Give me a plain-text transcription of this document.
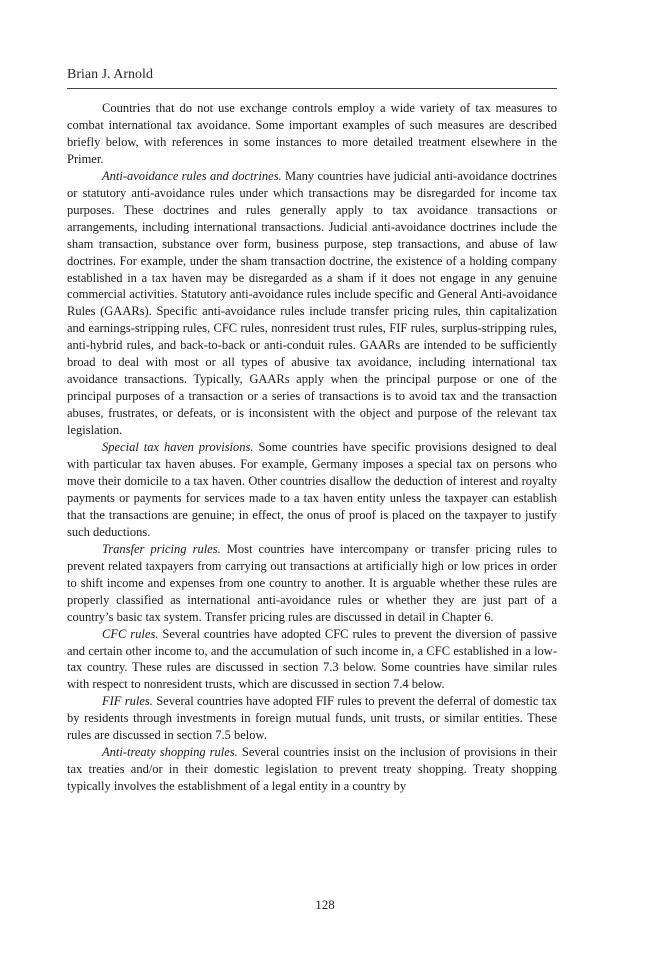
Brian J. Arnold

Countries that do not use exchange controls employ a wide variety of tax measures to combat international tax avoidance. Some important examples of such measures are described briefly below, with references in some instances to more detailed treatment elsewhere in the Primer.

Anti-avoidance rules and doctrines. Many countries have judicial anti-avoidance doctrines or statutory anti-avoidance rules under which transactions may be disregarded for income tax purposes. These doctrines and rules generally apply to tax avoidance transactions or arrangements, including international transactions. Judicial anti-avoidance doctrines include the sham transaction, substance over form, business purpose, step transactions, and abuse of law doctrines. For example, under the sham transaction doctrine, the existence of a holding company established in a tax haven may be disregarded as a sham if it does not engage in any genuine commercial activities. Statutory anti-avoidance rules include specific and General Anti-avoidance Rules (GAARs). Specific anti-avoidance rules include transfer pricing rules, thin capitalization and earnings-stripping rules, CFC rules, nonresident trust rules, FIF rules, surplus-stripping rules, anti-hybrid rules, and back-to-back or anti-conduit rules. GAARs are intended to be sufficiently broad to deal with most or all types of abusive tax avoidance, including international tax avoidance transactions. Typically, GAARs apply when the principal purpose or one of the principal purposes of a transaction or a series of transactions is to avoid tax and the transaction abuses, frustrates, or defeats, or is inconsistent with the object and purpose of the relevant tax legislation.

Special tax haven provisions. Some countries have specific provisions designed to deal with particular tax haven abuses. For example, Germany imposes a special tax on persons who move their domicile to a tax haven. Other countries disallow the deduction of interest and royalty payments or payments for services made to a tax haven entity unless the taxpayer can establish that the transactions are genuine; in effect, the onus of proof is placed on the taxpayer to justify such deductions.

Transfer pricing rules. Most countries have intercompany or transfer pricing rules to prevent related taxpayers from carrying out transactions at artificially high or low prices in order to shift income and expenses from one country to another. It is arguable whether these rules are properly classified as international anti-avoidance rules or whether they are just part of a country’s basic tax system. Transfer pricing rules are discussed in detail in Chapter 6.

CFC rules. Several countries have adopted CFC rules to prevent the diversion of passive and certain other income to, and the accumulation of such income in, a CFC established in a low-tax country. These rules are discussed in section 7.3 below. Some countries have similar rules with respect to nonresident trusts, which are discussed in section 7.4 below.

FIF rules. Several countries have adopted FIF rules to prevent the deferral of domestic tax by residents through investments in foreign mutual funds, unit trusts, or similar entities. These rules are discussed in section 7.5 below.

Anti-treaty shopping rules. Several countries insist on the inclusion of provisions in their tax treaties and/or in their domestic legislation to prevent treaty shopping. Treaty shopping typically involves the establishment of a legal entity in a country by

128
